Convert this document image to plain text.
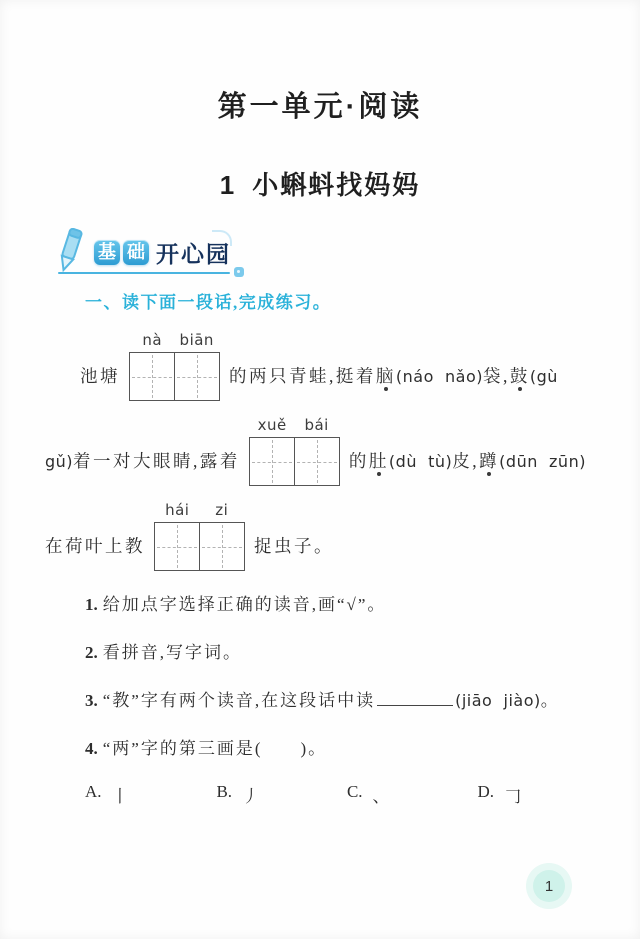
第一单元·阅读
1 小蝌蚪找妈妈
基 础 开心园
一、读下面一段话,完成练习。
池塘
nà	biān
的两只青蛙,挺着脑(náo  nǎo)袋,鼓(gù
gǔ)着一对大眼睛,露着
xuě	bái
的肚(dù  tù)皮,蹲(dūn  zūn)
在荷叶上教
hái	zi
捉虫子。
1. 给加点字选择正确的读音,画“√”。
2. 看拼音,写字词。
3. “教”字有两个读音,在这段话中读	(jiāo  jiào)。
4. “两”字的第三画是(　　)。
A. 丨	B. 丿	C. 、	D. 𠃌
1
